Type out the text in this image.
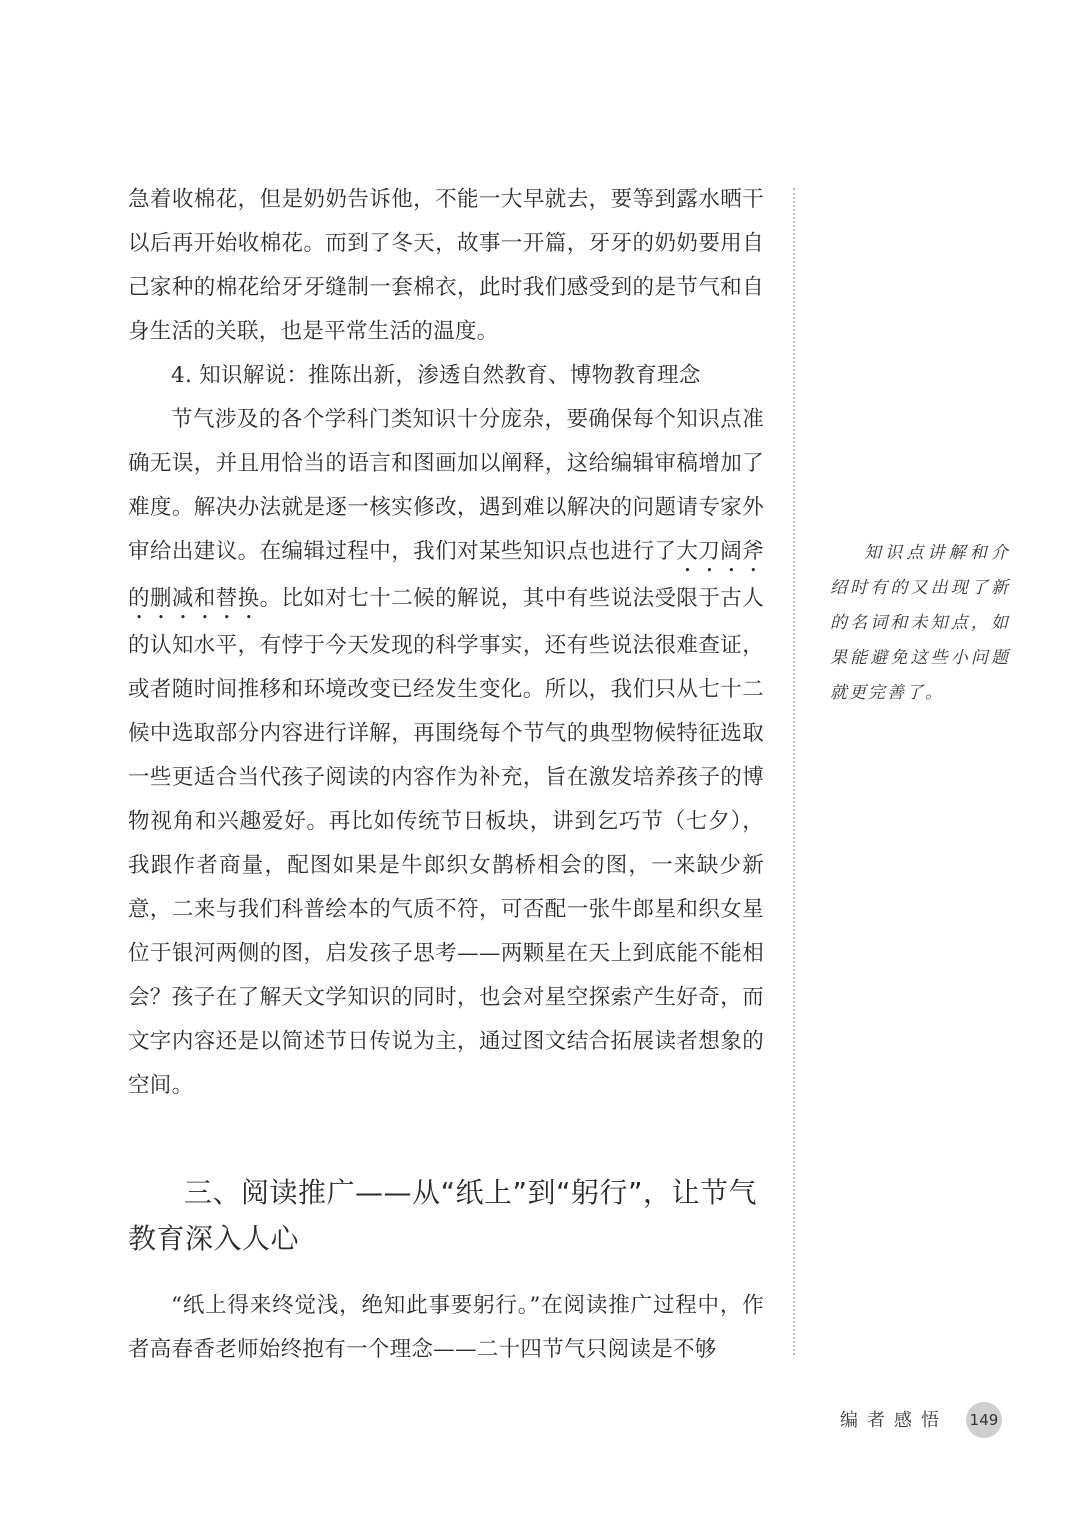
急着收棉花，但是奶奶告诉他，不能一大早就去，要等到露水晒干以后再开始收棉花。而到了冬天，故事一开篇，牙牙的奶奶要用自己家种的棉花给牙牙缝制一套棉衣，此时我们感受到的是节气和自身生活的关联，也是平常生活的温度。

4. 知识解说：推陈出新，渗透自然教育、博物教育理念

节气涉及的各个学科门类知识十分庞杂，要确保每个知识点准确无误，并且用恰当的语言和图画加以阐释，这给编辑审稿增加了难度。解决办法就是逐一核实修改，遇到难以解决的问题请专家外审给出建议。在编辑过程中，我们对某些知识点也进行了大刀阔斧的删减和替换。比如对七十二候的解说，其中有些说法受限于古人的认知水平，有悖于今天发现的科学事实，还有些说法很难查证，或者随时间推移和环境改变已经发生变化。所以，我们只从七十二候中选取部分内容进行详解，再围绕每个节气的典型物候特征选取一些更适合当代孩子阅读的内容作为补充，旨在激发培养孩子的博物视角和兴趣爱好。再比如传统节日板块，讲到乞巧节（七夕），我跟作者商量，配图如果是牛郎织女鹊桥相会的图，一来缺少新意，二来与我们科普绘本的气质不符，可否配一张牛郎星和织女星位于银河两侧的图，启发孩子思考——两颗星在天上到底能不能相会？孩子在了解天文学知识的同时，也会对星空探索产生好奇，而文字内容还是以简述节日传说为主，通过图文结合拓展读者想象的空间。

三、阅读推广——从“纸上”到“躬行”，让节气教育深入人心

“纸上得来终觉浅，绝知此事要躬行。”在阅读推广过程中，作者高春香老师始终抱有一个理念——二十四节气只阅读是不够

知识点讲解和介绍时有的又出现了新的名词和未知点，如果能避免这些小问题就更完善了。

编者感悟 149
